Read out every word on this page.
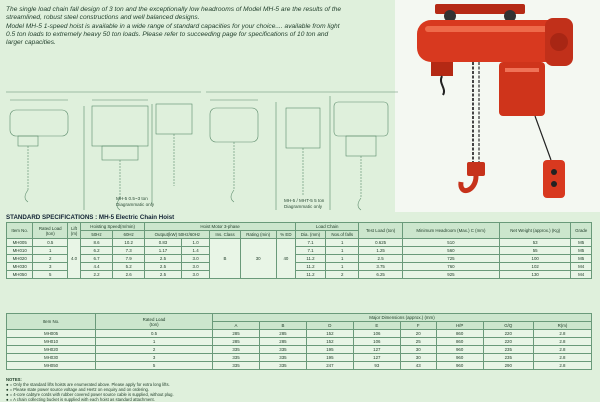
The single load chain fall design of 3 ton and the exceptionally low headrooms of Model MH-5 are the results of the streamlined, robust steel constructions and well balanced designs.

Model MH-5 1-speed hoist is available in a wide range of standard capacities for your choice.... available from light 0.5 ton loads to extremely heavy 50 ton loads. Please refer to succeeding page for specifications of 10 ton and larger capacities.

MH-5 0.5~3 ton
Diagrammatic only
MH-5 / MHT-5 5 ton
Diagrammatic only
STANDARD SPECIFICATIONS : MH-5 Electric Chain Hoist
Item No.	Rated Load
(ton)	Lift
(m)	Hoisting Speed(m/min)		Hoist Motor 3-phase					Load Chain		Test Load (ton)	Minimum Headroom (Max.) C (mm)	Net Weight (approx.) (Kg)	Grade
			50Hz	60Hz	Output(kW) 50Hz/60Hz		Ins. Class	Rating (min)	% ED	Dia. (mm)	Nos.of falls				
MH005	0.5	4.0	8.6	10.2	0.83	1.0	B	30	40	7.1	1	0.625	510	53	M5
MH010	1		6.2	7.3	1.17	1.4				7.1	1	1.25	560	55	M5
MH020	2		6.7	7.9	2.5	3.0				11.2	1	2.5	725	100	M5
MH030	3		4.4	5.2	2.5	3.0				11.2	1	3.75	760	102	M4
MH050	5		2.2	2.6	2.5	3.0				11.2	2	6.25	925	130	M4
Item No.	Rated Load
(ton)	Major Dimensions (approx.) (mm)							
		A	B	D	E	F	H/P	G/Q	R(m)
MH005	0.5	285	285	152	106	20	860	220	2.8
MH010	1	285	285	152	106	25	860	220	2.8
MH020	2	335	335	195	127	30	960	235	2.8
MH030	3	335	335	195	127	30	960	235	2.8
MH050	5	335	335	247	93	43	960	290	2.8
NOTES:
● = Only the standard lifts hoists are enumerated above. Please apply for extra long lifts.
● = Please state power source voltage and Hertz on enquiry and on ordering.
● = 4-core cabtyre cords with rubber covered power source cable is supplied, without plug.
● = A chain collecting bucket is supplied with each hoist as standard attachment.
